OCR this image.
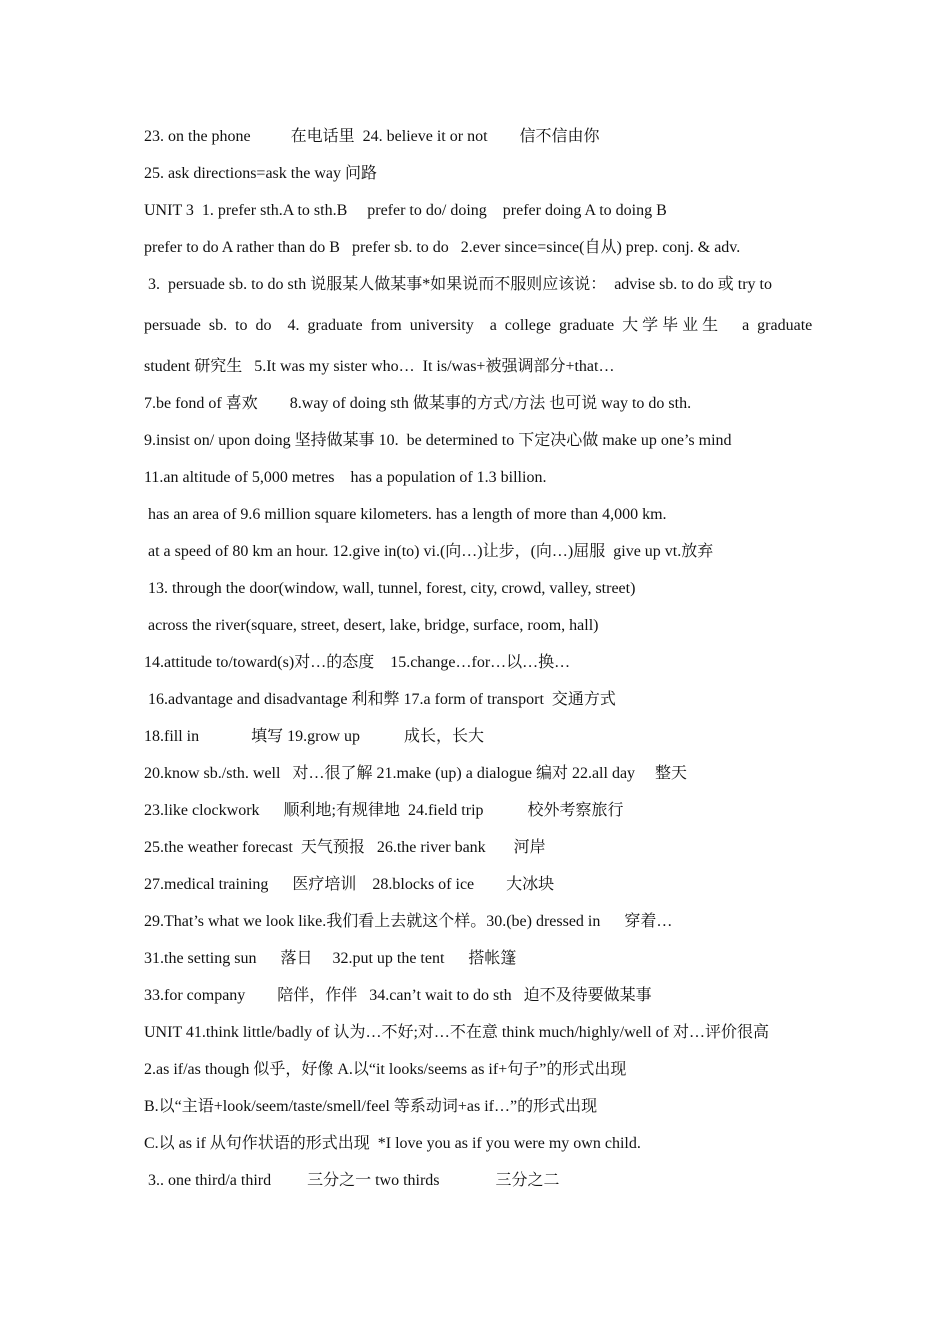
23. on the phone          在电话里  24. believe it or not        信不信由你
25. ask directions=ask the way 问路
UNIT 3  1. prefer sth.A to sth.B     prefer to do/ doing    prefer doing A to doing B
prefer to do A rather than do B   prefer sb. to do   2.ever since=since(自从) prep. conj. & adv.
3.  persuade sb. to do sth 说服某人做某事*如果说而不服则应该说：  advise sb. to do 或 try to
persuade  sb.  to  do    4.  graduate  from  university    a  college  graduate  大 学 毕 业 生      a  graduate
student 研究生   5.It was my sister who…  It is/was+被强调部分+that…
7.be fond of 喜欢        8.way of doing sth 做某事的方式/方法 也可说 way to do sth.
9.insist on/ upon doing 坚持做某事 10.  be determined to 下定决心做 make up one’s mind
11.an altitude of 5,000 metres    has a population of 1.3 billion.
has an area of 9.6 million square kilometers. has a length of more than 4,000 km.
at a speed of 80 km an hour. 12.give in(to) vi.(向…)让步，(向…)屈服  give up vt.放弃
13. through the door(window, wall, tunnel, forest, city, crowd, valley, street)
across the river(square, street, desert, lake, bridge, surface, room, hall)
14.attitude to/toward(s)对…的态度    15.change…for…以…换…
16.advantage and disadvantage 利和弊 17.a form of transport  交通方式
18.fill in             填写 19.grow up           成长，长大
20.know sb./sth. well   对…很了解 21.make (up) a dialogue 编对 22.all day     整天
23.like clockwork      顺利地;有规律地  24.field trip           校外考察旅行
25.the weather forecast  天气预报   26.the river bank       河岸
27.medical training      医疗培训    28.blocks of ice        大冰块
29.That’s what we look like.我们看上去就这个样。30.(be) dressed in      穿着…
31.the setting sun      落日     32.put up the tent      搭帐篷
33.for company        陪伴，作伴   34.can’t wait to do sth   迫不及待要做某事
UNIT 41.think little/badly of 认为…不好;对…不在意 think much/highly/well of 对…评价很高
2.as if/as though 似乎，好像 A.以“it looks/seems as if+句子”的形式出现
B.以“主语+look/seem/taste/smell/feel 等系动词+as if…”的形式出现
C.以 as if 从句作状语的形式出现  *I love you as if you were my own child.
3.. one third/a third         三分之一 two thirds              三分之二
